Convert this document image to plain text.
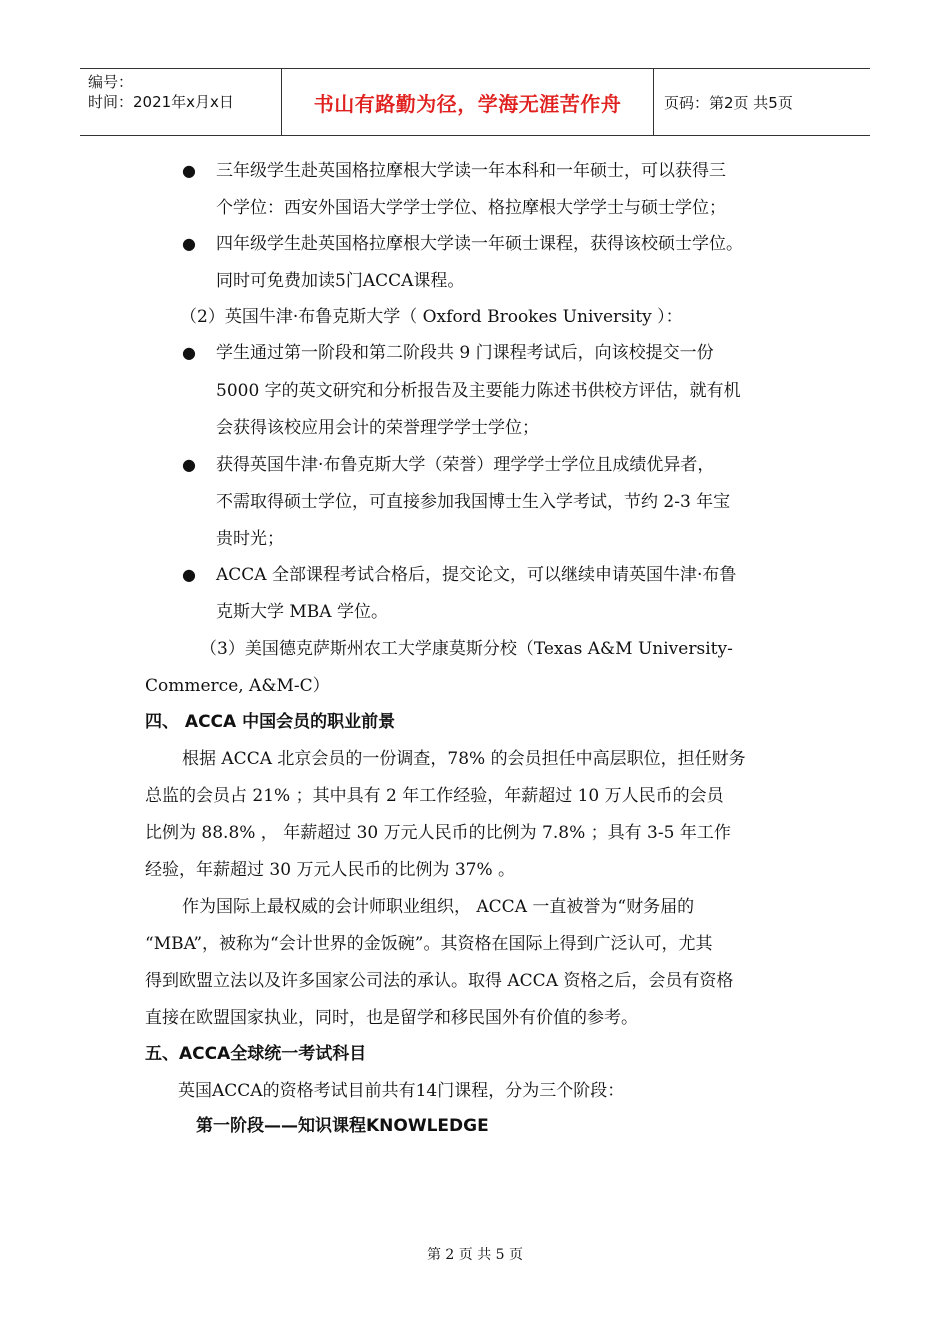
编号：
时间：2021年x月x日	书山有路勤为径，学海无涯苦作舟	页码：第2页 共5页
●
●
●
●
●
三年级学生赴英国格拉摩根大学读一年本科和一年硕士，可以获得三
个学位：西安外国语大学学士学位、格拉摩根大学学士与硕士学位；
四年级学生赴英国格拉摩根大学读一年硕士课程，获得该校硕士学位。
同时可免费加读5门ACCA课程。
（2）英国牛津·布鲁克斯大学（ Oxford Brookes University ）：
学生通过第一阶段和第二阶段共 9 门课程考试后，向该校提交一份
5000 字的英文研究和分析报告及主要能力陈述书供校方评估，就有机
会获得该校应用会计的荣誉理学学士学位；
获得英国牛津·布鲁克斯大学（荣誉）理学学士学位且成绩优异者，
不需取得硕士学位，可直接参加我国博士生入学考试，节约 2-3 年宝
贵时光；
ACCA 全部课程考试合格后，提交论文，可以继续申请英国牛津·布鲁
克斯大学 MBA 学位。
（3）美国德克萨斯州农工大学康莫斯分校（Texas A&M University-
Commerce, A&M-C）
四、 ACCA 中国会员的职业前景
根据 ACCA 北京会员的一份调查，78% 的会员担任中高层职位，担任财务
总监的会员占 21% ；其中具有 2 年工作经验，年薪超过 10 万人民币的会员
比例为 88.8% ， 年薪超过 30 万元人民币的比例为 7.8% ；具有 3-5 年工作
经验，年薪超过 30 万元人民币的比例为 37% 。
作为国际上最权威的会计师职业组织， ACCA 一直被誉为“财务届的
“MBA”，被称为“会计世界的金饭碗”。其资格在国际上得到广泛认可，尤其
得到欧盟立法以及许多国家公司法的承认。取得 ACCA 资格之后，会员有资格
直接在欧盟国家执业，同时，也是留学和移民国外有价值的参考。
五、ACCA全球统一考试科目
英国ACCA的资格考试目前共有14门课程，分为三个阶段：
第一阶段——知识课程KNOWLEDGE
第 2 页 共 5 页
